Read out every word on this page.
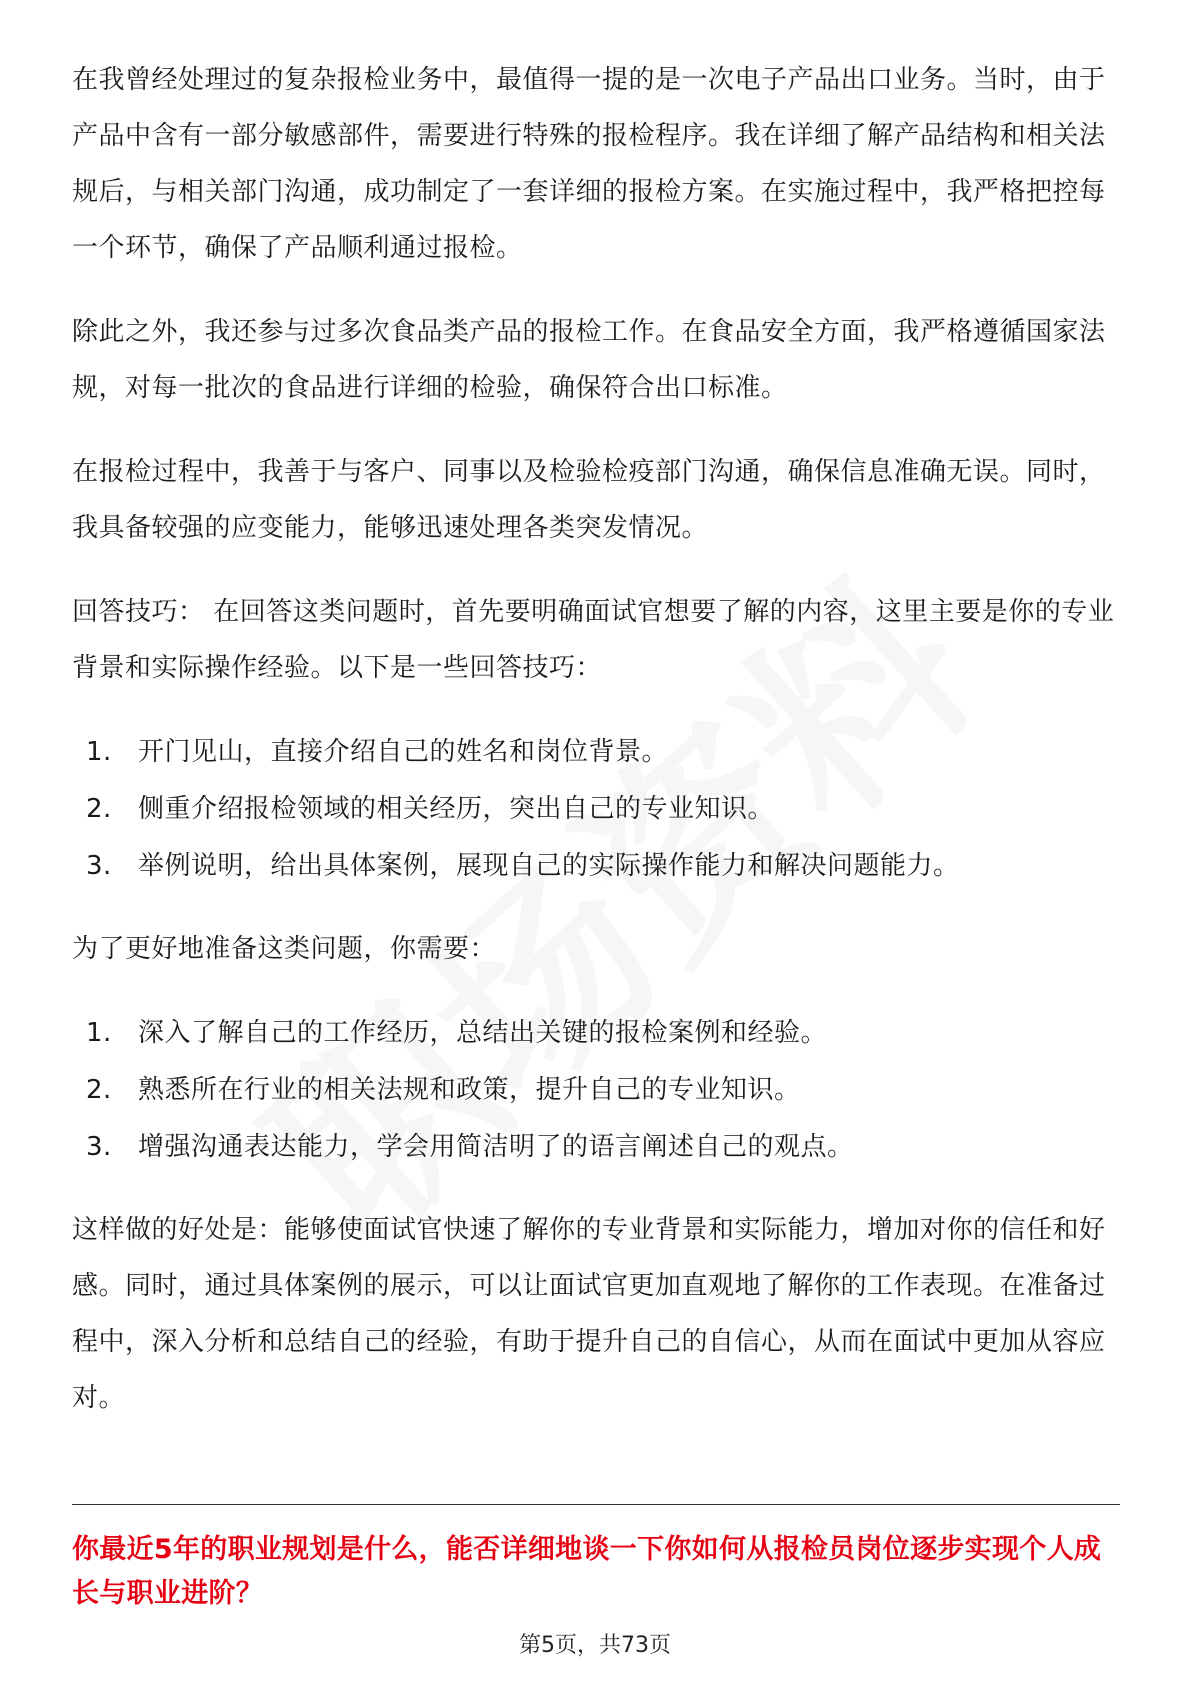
在我曾经处理过的复杂报检业务中，最值得一提的是一次电子产品出口业务。当时，由于产品中含有一部分敏感部件，需要进行特殊的报检程序。我在详细了解产品结构和相关法规后，与相关部门沟通，成功制定了一套详细的报检方案。在实施过程中，我严格把控每一个环节，确保了产品顺利通过报检。

除此之外，我还参与过多次食品类产品的报检工作。在食品安全方面，我严格遵循国家法规，对每一批次的食品进行详细的检验，确保符合出口标准。

在报检过程中，我善于与客户、同事以及检验检疫部门沟通，确保信息准确无误。同时，我具备较强的应变能力，能够迅速处理各类突发情况。

回答技巧： 在回答这类问题时，首先要明确面试官想要了解的内容，这里主要是你的专业背景和实际操作经验。以下是一些回答技巧：

1.	开门见山，直接介绍自己的姓名和岗位背景。
2.	侧重介绍报检领域的相关经历，突出自己的专业知识。
3.	举例说明，给出具体案例，展现自己的实际操作能力和解决问题能力。

为了更好地准备这类问题，你需要：

1.	深入了解自己的工作经历，总结出关键的报检案例和经验。
2.	熟悉所在行业的相关法规和政策，提升自己的专业知识。
3.	增强沟通表达能力，学会用简洁明了的语言阐述自己的观点。

这样做的好处是：能够使面试官快速了解你的专业背景和实际能力，增加对你的信任和好感。同时，通过具体案例的展示，可以让面试官更加直观地了解你的工作表现。在准备过程中，深入分析和总结自己的经验，有助于提升自己的自信心，从而在面试中更加从容应对。

你最近5年的职业规划是什么，能否详细地谈一下你如何从报检员岗位逐步实现个人成长与职业进阶？
第5页，共73页
